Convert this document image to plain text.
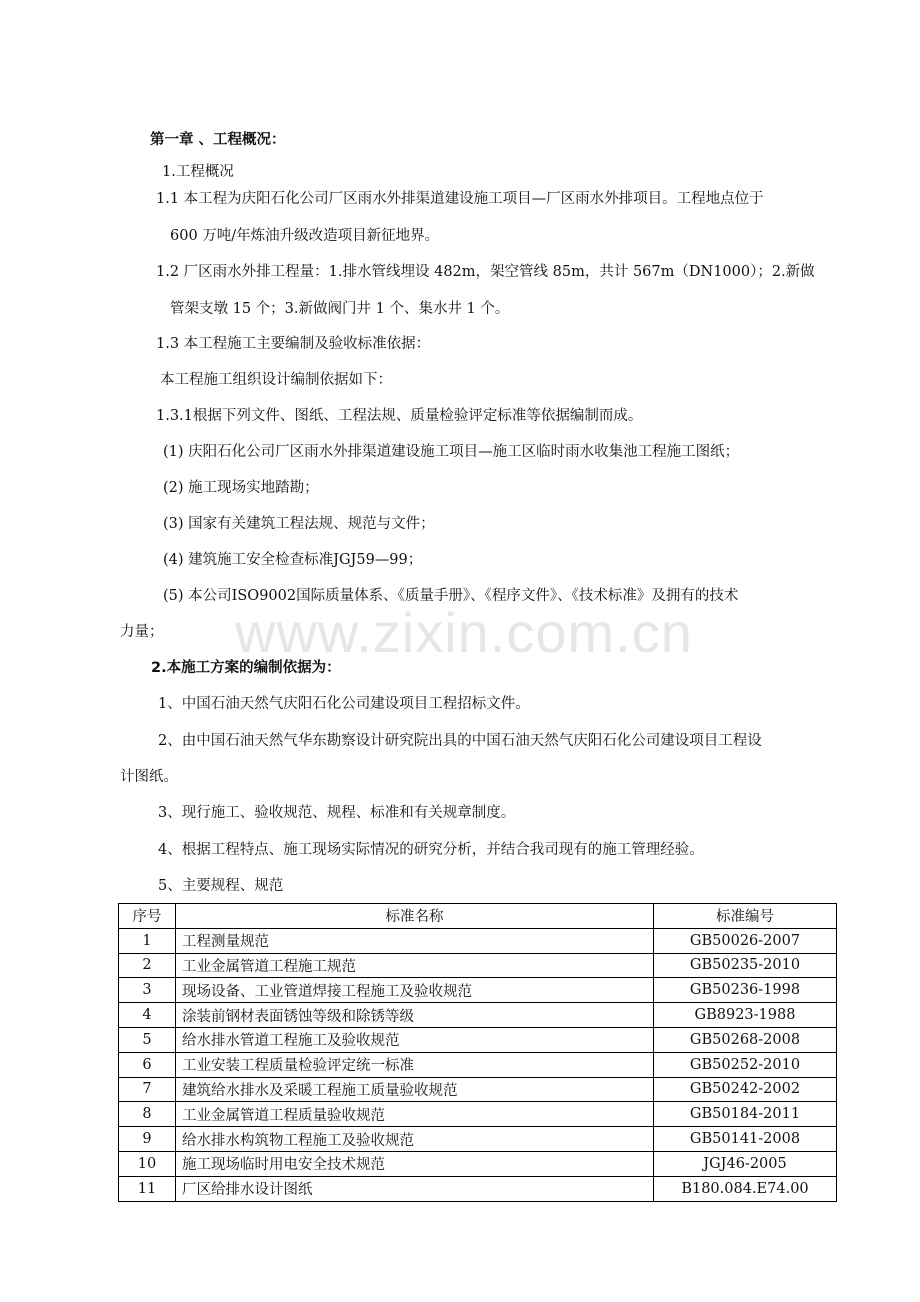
www.zixin.com.cn
第一章 、工程概况：
1.工程概况
1.1 本工程为庆阳石化公司厂区雨水外排渠道建设施工项目—厂区雨水外排项目。工程地点位于
600 万吨/年炼油升级改造项目新征地界。
1.2 厂区雨水外排工程量：1.排水管线埋设 482m，架空管线 85m，共计 567m（DN1000）；2.新做
管架支墩 15 个；3.新做阀门井 1 个、集水井 1 个。
1.3 本工程施工主要编制及验收标准依据：
本工程施工组织设计编制依据如下：
1.3.1根据下列文件、图纸、工程法规、质量检验评定标准等依据编制而成。
(1) 庆阳石化公司厂区雨水外排渠道建设施工项目—施工区临时雨水收集池工程施工图纸；
(2) 施工现场实地踏勘；
(3) 国家有关建筑工程法规、规范与文件；
(4) 建筑施工安全检查标准JGJ59—99；
(5) 本公司ISO9002国际质量体系、《质量手册》、《程序文件》、《技术标准》及拥有的技术
力量；
2.本施工方案的编制依据为：
1、中国石油天然气庆阳石化公司建设项目工程招标文件。
2、由中国石油天然气华东勘察设计研究院出具的中国石油天然气庆阳石化公司建设项目工程设
计图纸。
3、现行施工、验收规范、规程、标准和有关规章制度。
4、根据工程特点、施工现场实际情况的研究分析，并结合我司现有的施工管理经验。
5、主要规程、规范
序号	标准名称	标准编号
1	工程测量规范	GB50026-2007
2	工业金属管道工程施工规范	GB50235-2010
3	现场设备、工业管道焊接工程施工及验收规范	GB50236-1998
4	涂装前钢材表面锈蚀等级和除锈等级	GB8923-1988
5	给水排水管道工程施工及验收规范	GB50268-2008
6	工业安装工程质量检验评定统一标准	GB50252-2010
7	建筑给水排水及采暖工程施工质量验收规范	GB50242-2002
8	工业金属管道工程质量验收规范	GB50184-2011
9	给水排水构筑物工程施工及验收规范	GB50141-2008
10	施工现场临时用电安全技术规范	JGJ46-2005
11	厂区给排水设计图纸	B180.084.E74.00
